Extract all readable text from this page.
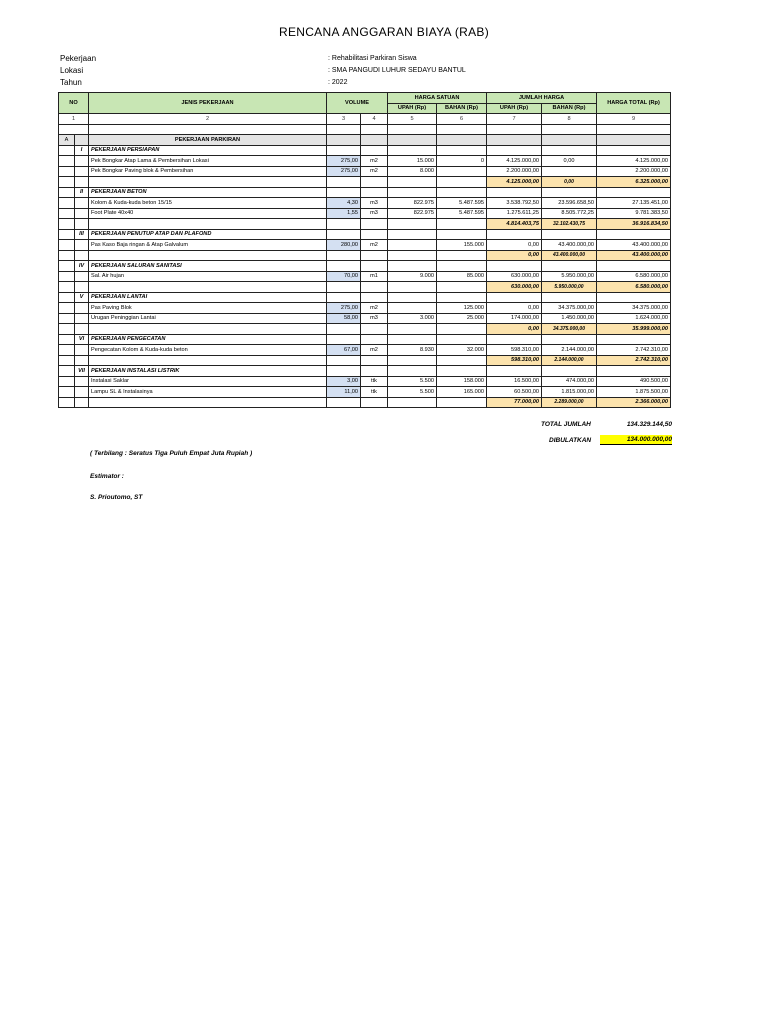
RENCANA ANGGARAN BIAYA (RAB)
Pekerjaan	: Rehabilitasi Parkiran Siswa
Lokasi	: SMA PANGUDI LUHUR SEDAYU BANTUL
Tahun	: 2022
NO		JENIS PEKERJAAN	VOLUME		HARGA SATUAN		JUMLAH HARGA		HARGA TOTAL (Rp)
					UPAH (Rp)	BAHAN (Rp)	UPAH (Rp)	BAHAN (Rp)	
1		2	3	4	5	6	7	8	9

A		PEKERJAAN PARKIRAN							
	I	PEKERJAAN PERSIAPAN							
		Pek Bongkar Atap Lama & Pembersihan Lokasi	275,00	m2	15.000	0	4.125.000,00	0,00	4.125.000,00
		Pek Bongkar Paving blok & Pembersihan	275,00	m2	8.000		2.200.000,00		2.200.000,00
							4.125.000,00	0,00	6.325.000,00
	II	PEKERJAAN BETON							
		Kolom & Kuda-kuda beton 15/15	4,30	m3	822.975	5.487.595	3.538.792,50	23.596.658,50	27.135.451,00
		Foot Plate 40x40	1,55	m3	822.975	5.487.595	1.275.611,25	8.505.772,25	9.781.383,50
							4.814.403,75	32.102.430,75	36.916.834,50
	III	PEKERJAAN PENUTUP ATAP DAN PLAFOND							
		Pas Kaso Baja ringan & Atap Galvalum	280,00	m2		155.000	0,00	43.400.000,00	43.400.000,00
							0,00	43.400.000,00	43.400.000,00
	IV	PEKERJAAN SALURAN SANITASI							
		Sal. Air hujan	70,00	m1	9.000	85.000	630.000,00	5.950.000,00	6.580.000,00
							630.000,00	5.950.000,00	6.580.000,00
	V	PEKERJAAN LANTAI							
		Pas Paving Blok	275,00	m2		125.000	0,00	34.375.000,00	34.375.000,00
		Urugan Peninggian Lantai	58,00	m3	3.000	25.000	174.000,00	1.450.000,00	1.624.000,00
							0,00	34.375.000,00	35.999.000,00
	VI	PEKERJAAN PENGECATAN							
		Pengecatan Kolom & Kuda-kuda beton	67,00	m2	8.930	32.000	598.310,00	2.144.000,00	2.742.310,00
							598.310,00	2.144.000,00	2.742.310,00
	VII	PEKERJAAN INSTALASI LISTRIK							
		Instalasi Saklar	3,00	ttk	5.500	158.000	16.500,00	474.000,00	490.500,00
		Lampu SL & Instalasinya	11,00	ttk	5.500	165.000	60.500,00	1.815.000,00	1.875.500,00
							77.000,00	2.289.000,00	2.366.000,00
TOTAL JUMLAH	134.329.144,50
DIBULATKAN	134.000.000,00
( Terbilang : Seratus Tiga Puluh Empat Juta Rupiah )
Estimator :
S. Prioutomo, ST
